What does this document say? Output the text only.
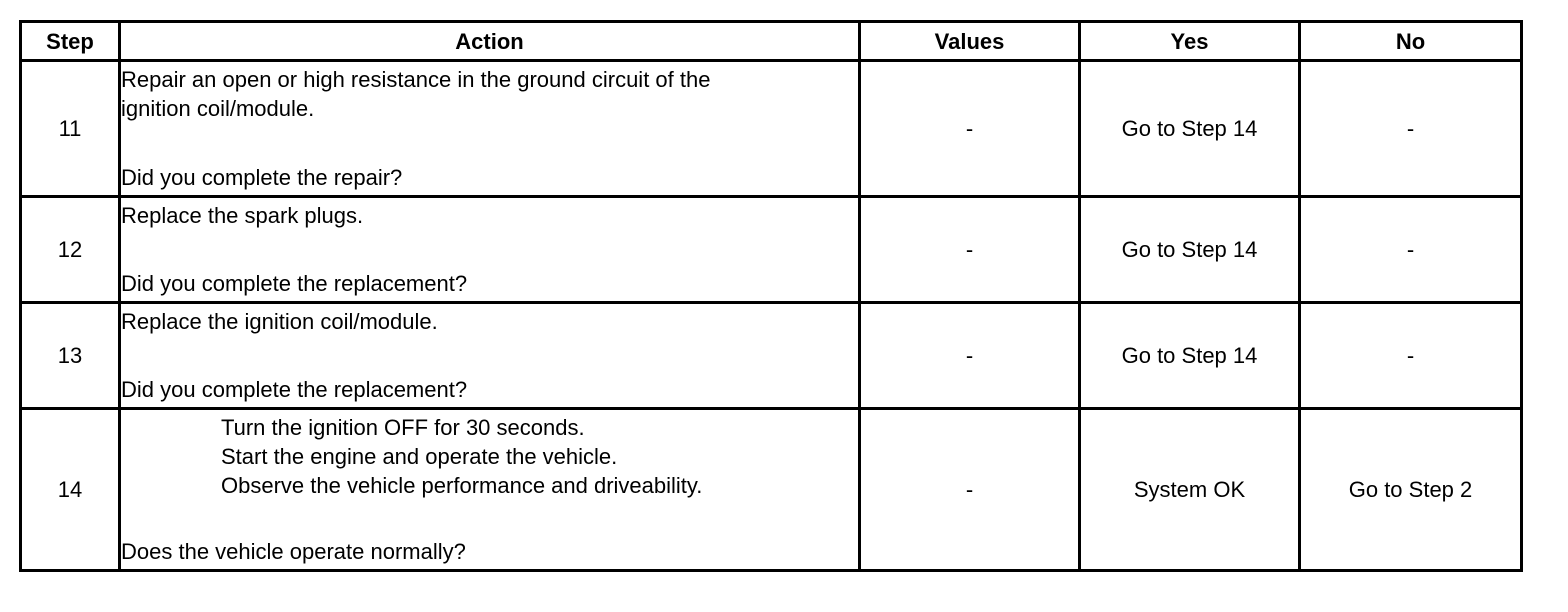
Step	Action	Values	Yes	No
11	Repair an open or high resistance in the ground circuit of the
ignition coil/module.
Did you complete the repair?	-	Go to Step 14	-
12	Replace the spark plugs.
Did you complete the replacement?	-	Go to Step 14	-
13	Replace the ignition coil/module.
Did you complete the replacement?	-	Go to Step 14	-
14	Turn the ignition OFF for 30 seconds.
Start the engine and operate the vehicle.
Observe the vehicle performance and driveability.
Does the vehicle operate normally?	-	System OK	Go to Step 2
